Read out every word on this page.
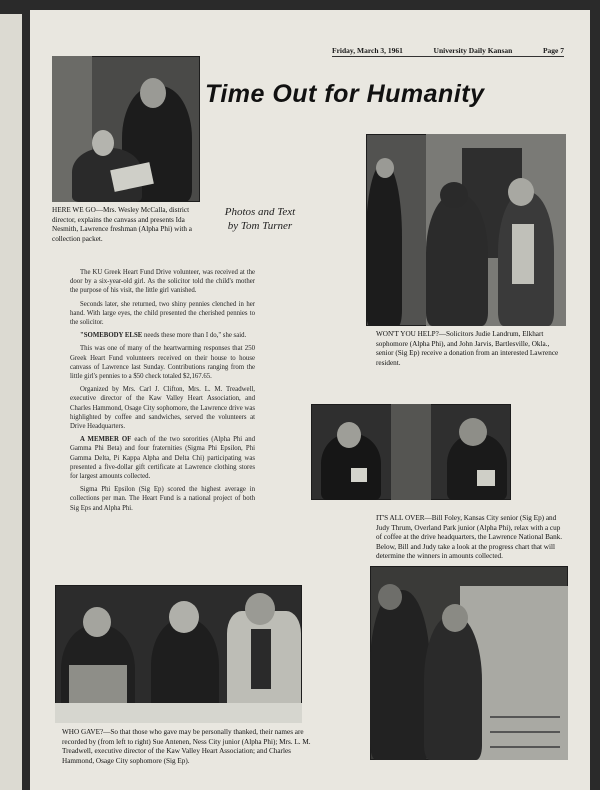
Friday, March 3, 1961	University Daily Kansan	Page 7
Time Out for Humanity
Photos and Text
by Tom Turner
HERE WE GO—Mrs. Wesley McCalla, district director, explains the canvass and presents Ida Nesmith, Lawrence freshman (Alpha Phi) with a collection packet.
WON'T YOU HELP?—Solicitors Judie Landrum, Elkhart sophomore (Alpha Phi), and John Jarvis, Bartlesville, Okla., senior (Sig Ep) receive a donation from an interested Lawrence resident.

The KU Greek Heart Fund Drive volunteer, was received at the door by a six-year-old girl. As the solicitor told the child's mother the purpose of his visit, the little girl vanished.

Seconds later, she returned, two shiny pennies clenched in her hand. With large eyes, the child presented the cherished pennies to the solicitor.

"SOMEBODY ELSE needs these more than I do," she said.

This was one of many of the heartwarming responses that 250 Greek Heart Fund volunteers received on their house to house canvass of Lawrence last Sunday. Contributions ranging from the little girl's pennies to a $50 check totaled $2,167.65.

Organized by Mrs. Carl J. Clifton, Mrs. L. M. Treadwell, executive director of the Kaw Valley Heart Association, and Charles Hammond, Osage City sophomore, the Lawrence drive was highlighted by coffee and sandwiches, served the volunteers at Drive Headquarters.

A MEMBER OF each of the two sororities (Alpha Phi and Gamma Phi Beta) and four fraternities (Sigma Phi Epsilon, Phi Gamma Delta, Pi Kappa Alpha and Delta Chi) participating was presented a five-dollar gift certificate at Lawrence clothing stores for largest amounts collected.

Sigma Phi Epsilon (Sig Ep) scored the highest average in collections per man. The Heart Fund is a national project of both Sig Eps and Alpha Phi.

IT'S ALL OVER—Bill Foley, Kansas City senior (Sig Ep) and Judy Thrum, Overland Park junior (Alpha Phi), relax with a cup of coffee at the drive headquarters, the Lawrence National Bank. Below, Bill and Judy take a look at the progress chart that will determine the winners in amounts collected.
WHO GAVE?—So that those who gave may be personally thanked, their names are recorded by (from left to right) Sue Antenen, Ness City junior (Alpha Phi); Mrs. L. M. Treadwell, executive director of the Kaw Valley Heart Association; and Charles Hammond, Osage City sophomore (Sig Ep).
